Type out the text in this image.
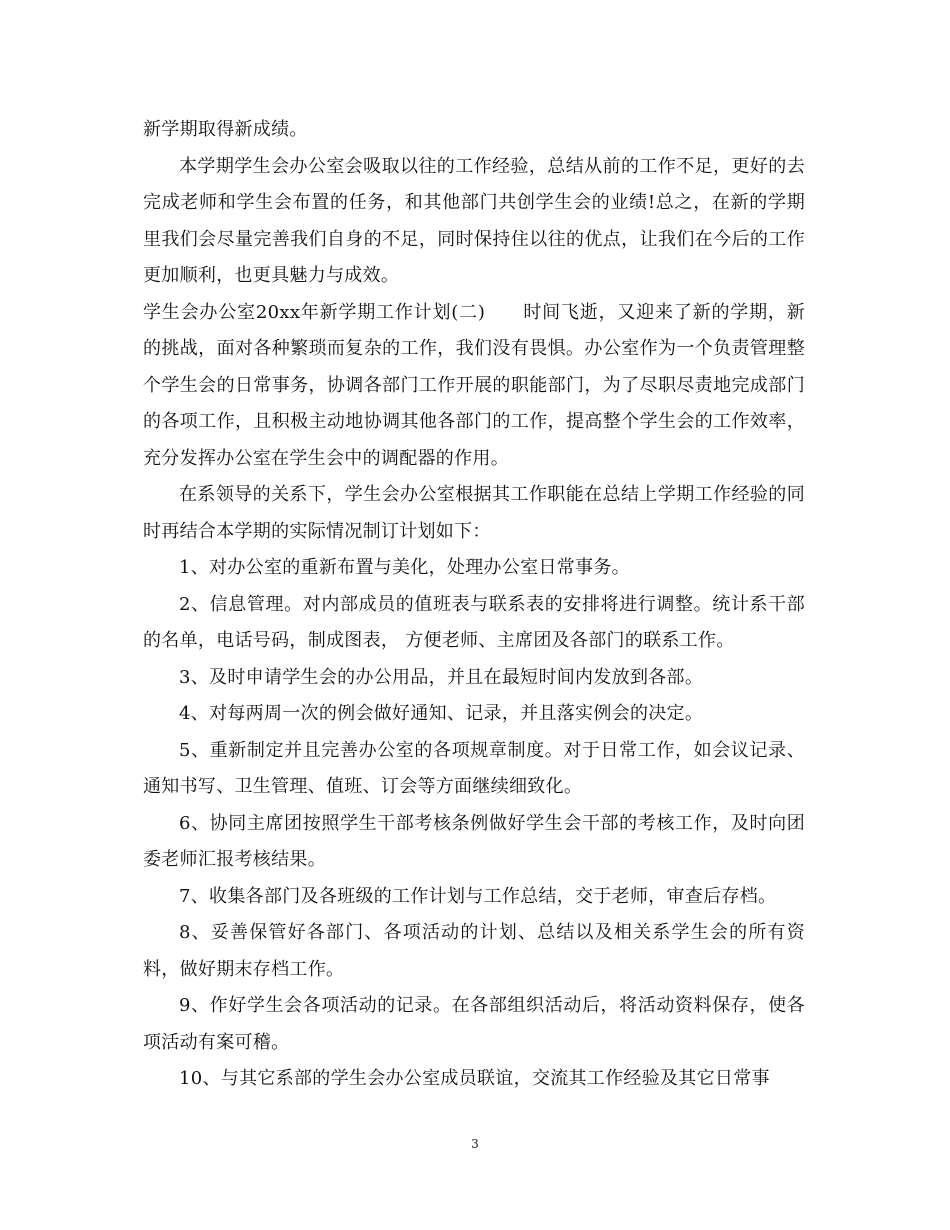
新学期取得新成绩。

本学期学生会办公室会吸取以往的工作经验，总结从前的工作不足，更好的去完成老师和学生会布置的任务，和其他部门共创学生会的业绩!总之，在新的学期里我们会尽量完善我们自身的不足，同时保持住以往的优点，让我们在今后的工作更加顺利，也更具魅力与成效。

学生会办公室20xx年新学期工作计划(二)　　时间飞逝，又迎来了新的学期，新的挑战，面对各种繁琐而复杂的工作，我们没有畏惧。办公室作为一个负责管理整个学生会的日常事务，协调各部门工作开展的职能部门，为了尽职尽责地完成部门的各项工作，且积极主动地协调其他各部门的工作，提高整个学生会的工作效率，充分发挥办公室在学生会中的调配器的作用。

在系领导的关系下，学生会办公室根据其工作职能在总结上学期工作经验的同时再结合本学期的实际情况制订计划如下：

1、对办公室的重新布置与美化，处理办公室日常事务。

2、信息管理。对内部成员的值班表与联系表的安排将进行调整。统计系干部的名单，电话号码，制成图表， 方便老师、主席团及各部门的联系工作。

3、及时申请学生会的办公用品，并且在最短时间内发放到各部。

4、对每两周一次的例会做好通知、记录，并且落实例会的决定。

5、重新制定并且完善办公室的各项规章制度。对于日常工作，如会议记录、通知书写、卫生管理、值班、订会等方面继续细致化。

6、协同主席团按照学生干部考核条例做好学生会干部的考核工作，及时向团委老师汇报考核结果。

7、收集各部门及各班级的工作计划与工作总结，交于老师，审查后存档。

8、妥善保管好各部门、各项活动的计划、总结以及相关系学生会的所有资料，做好期末存档工作。

9、作好学生会各项活动的记录。在各部组织活动后，将活动资料保存，使各项活动有案可稽。

10、与其它系部的学生会办公室成员联谊，交流其工作经验及其它日常事

3
